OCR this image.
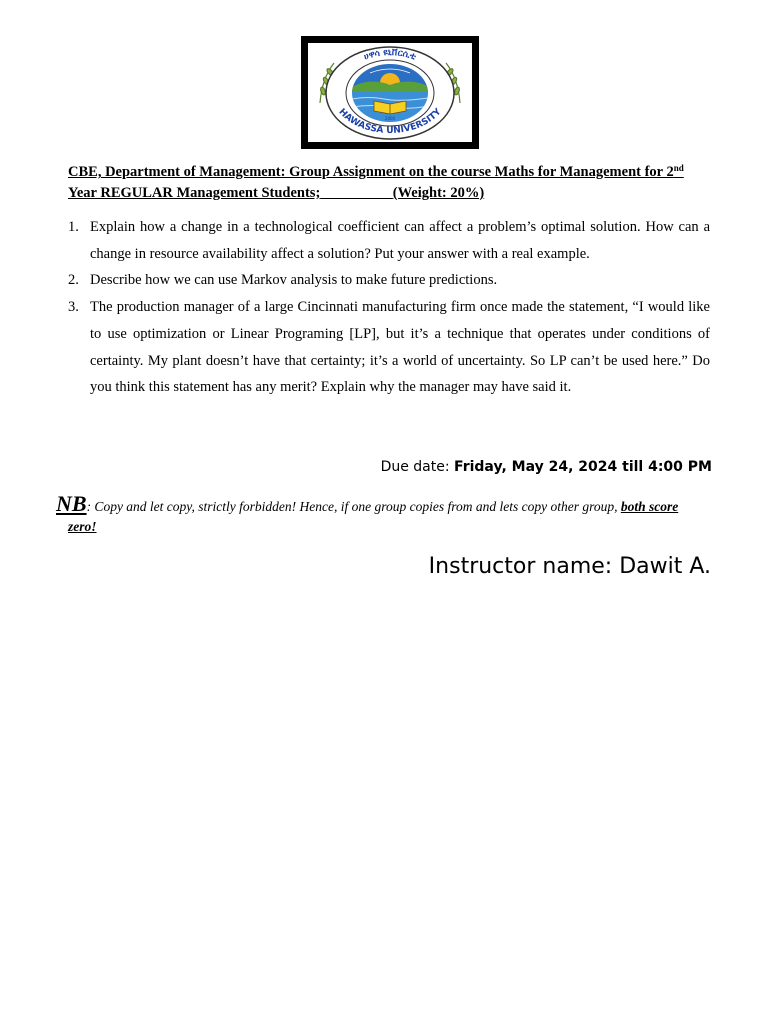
ሀዋሳ ዩኒቨርሲቲ
HAWASSA UNIVERSITY
2000
CBE, Department of Management: Group Assignment on the course Maths for Management for 2nd
Year REGULAR Management Students;	(Weight: 20%)
1. Explain how a change in a technological coefficient can affect a problem’s optimal solution. How can a change in resource availability affect a solution? Put your answer with a real example.
2. Describe how we can use Markov analysis to make future predictions.
3. The production manager of a large Cincinnati manufacturing firm once made the statement, “I would like to use optimization or Linear Programing [LP], but it’s a technique that operates under conditions of certainty. My plant doesn’t have that certainty; it’s a world of uncertainty. So LP can’t be used here.” Do you think this statement has any merit? Explain why the manager may have said it.
Due date: Friday, May 24, 2024 till 4:00 PM
NB: Copy and let copy, strictly forbidden! Hence, if one group copies from and lets copy other group, both score
zero!
Instructor name: Dawit A.
